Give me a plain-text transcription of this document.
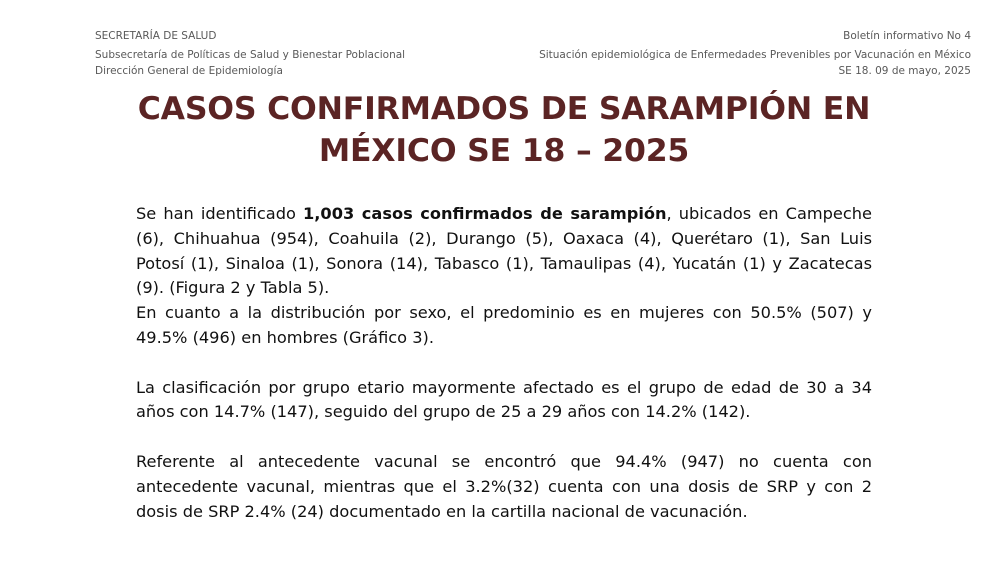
SECRETARÍA DE SALUD
Subsecretaría de Políticas de Salud y Bienestar Poblacional
Dirección General de Epidemiología
Boletín informativo No 4
Situación epidemiológica de Enfermedades Prevenibles por Vacunación en México
SE 18. 09 de mayo, 2025
CASOS CONFIRMADOS DE SARAMPIÓN EN
MÉXICO SE 18 – 2025

Se han identificado 1,003 casos confirmados de sarampión, ubicados en Campeche (6), Chihuahua (954), Coahuila (2), Durango (5), Oaxaca (4), Querétaro (1), San Luis Potosí (1), Sinaloa (1), Sonora (14), Tabasco (1), Tamaulipas (4), Yucatán (1) y Zacatecas (9). (Figura 2 y Tabla 5).

En cuanto a la distribución por sexo, el predominio es en mujeres con 50.5% (507) y 49.5% (496) en hombres (Gráfico 3).

La clasificación por grupo etario mayormente afectado es el grupo de edad de 30 a 34 años con 14.7% (147), seguido del grupo de 25 a 29 años con 14.2% (142).

Referente al antecedente vacunal se encontró que 94.4% (947) no cuenta con antecedente vacunal, mientras que el 3.2%(32) cuenta con una dosis de SRP y con 2 dosis de SRP 2.4% (24) documentado en la cartilla nacional de vacunación.
